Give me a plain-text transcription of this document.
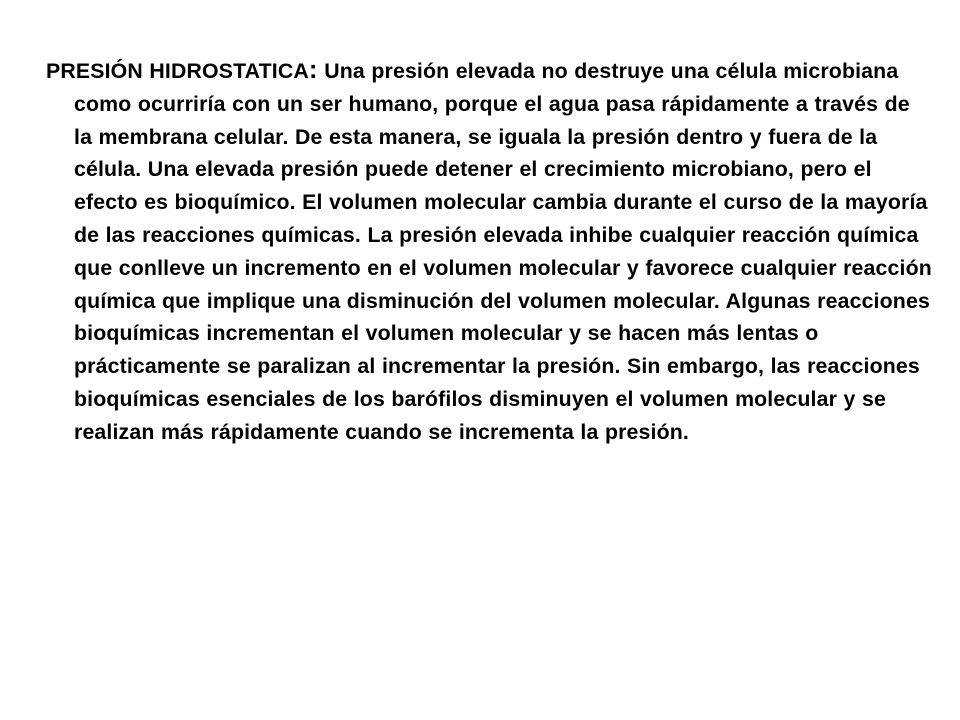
PRESIÓN HIDROSTATICA: Una presión elevada no destruye una célula microbiana como ocurriría con un ser humano, porque el agua pasa rápidamente a través de la membrana celular. De esta manera, se iguala la presión dentro y fuera de la célula. Una elevada presión puede detener el crecimiento microbiano, pero el efecto es bioquímico. El volumen molecular cambia durante el curso de la mayoría de las reacciones químicas. La presión elevada inhibe cualquier reacción química que conlleve un incremento en el volumen molecular y favorece cualquier reacción química que implique una disminución del volumen molecular. Algunas reacciones bioquímicas incrementan el volumen molecular y se hacen más lentas o prácticamente se paralizan al incrementar la presión. Sin embargo, las reacciones bioquímicas esenciales de los barófilos disminuyen el volumen molecular y se realizan más rápidamente cuando se incrementa la presión.
